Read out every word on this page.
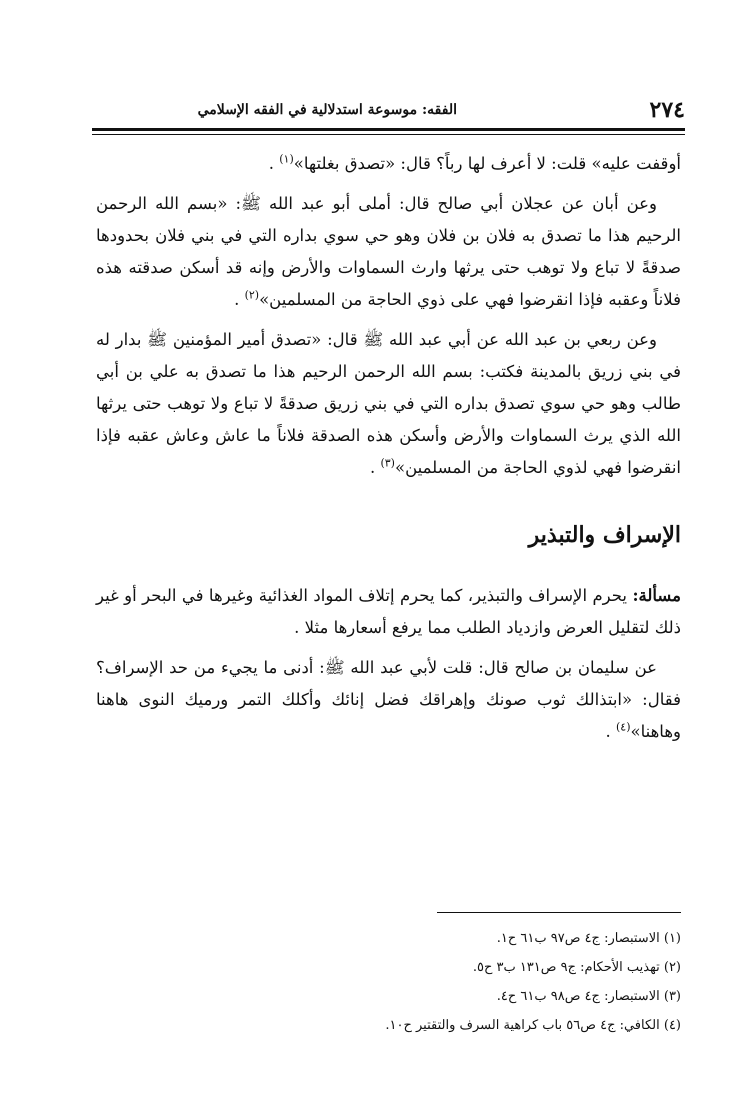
٢٧٤
الفقه: موسوعة استدلالية في الفقه الإسلامي

أوقفت عليه» قلت: لا أعرف لها رباً؟ قال: «تصدق بغلتها»$^{(١)}$ .

وعن أبان عن عجلان أبي صالح قال: أملى أبو عبد الله ﷺ: «بسم الله الرحمن الرحيم هذا ما تصدق به فلان بن فلان وهو حي سوي بداره التي في بني فلان بحدودها صدقةً لا تباع ولا توهب حتى يرثها وارث السماوات والأرض وإنه قد أسكن صدقته هذه فلاناً وعقبه فإذا انقرضوا فهي على ذوي الحاجة من المسلمين»$^{(٢)}$ .

وعن ربعي بن عبد الله عن أبي عبد الله ﷺ قال: «تصدق أمير المؤمنين ﷺ بدار له في بني زريق بالمدينة فكتب: بسم الله الرحمن الرحيم هذا ما تصدق به علي بن أبي طالب وهو حي سوي تصدق بداره التي في بني زريق صدقةً لا تباع ولا توهب حتى يرثها الله الذي يرث السماوات والأرض وأسكن هذه الصدقة فلاناً ما عاش وعاش عقبه فإذا انقرضوا فهي لذوي الحاجة من المسلمين»$^{(٣)}$ .

الإسراف والتبذير

مسألة: يحرم الإسراف والتبذير، كما يحرم إتلاف المواد الغذائية وغيرها في البحر أو غير ذلك لتقليل العرض وازدياد الطلب مما يرفع أسعارها مثلا .

عن سليمان بن صالح قال: قلت لأبي عبد الله ﷺ: أدنى ما يجيء من حد الإسراف؟ فقال: «ابتذالك ثوب صونك وإهراقك فضل إنائك وأكلك التمر ورميك النوى هاهنا وهاهنا»$^{(٤)}$ .

(١) الاستبصار: ج٤ ص٩٧ ب٦١ ح١.
(٢) تهذيب الأحكام: ج٩ ص١٣١ ب٣ ح٥.
(٣) الاستبصار: ج٤ ص٩٨ ب٦١ ح٤.
(٤) الكافي: ج٤ ص٥٦ باب كراهية السرف والتقتير ح١٠.
